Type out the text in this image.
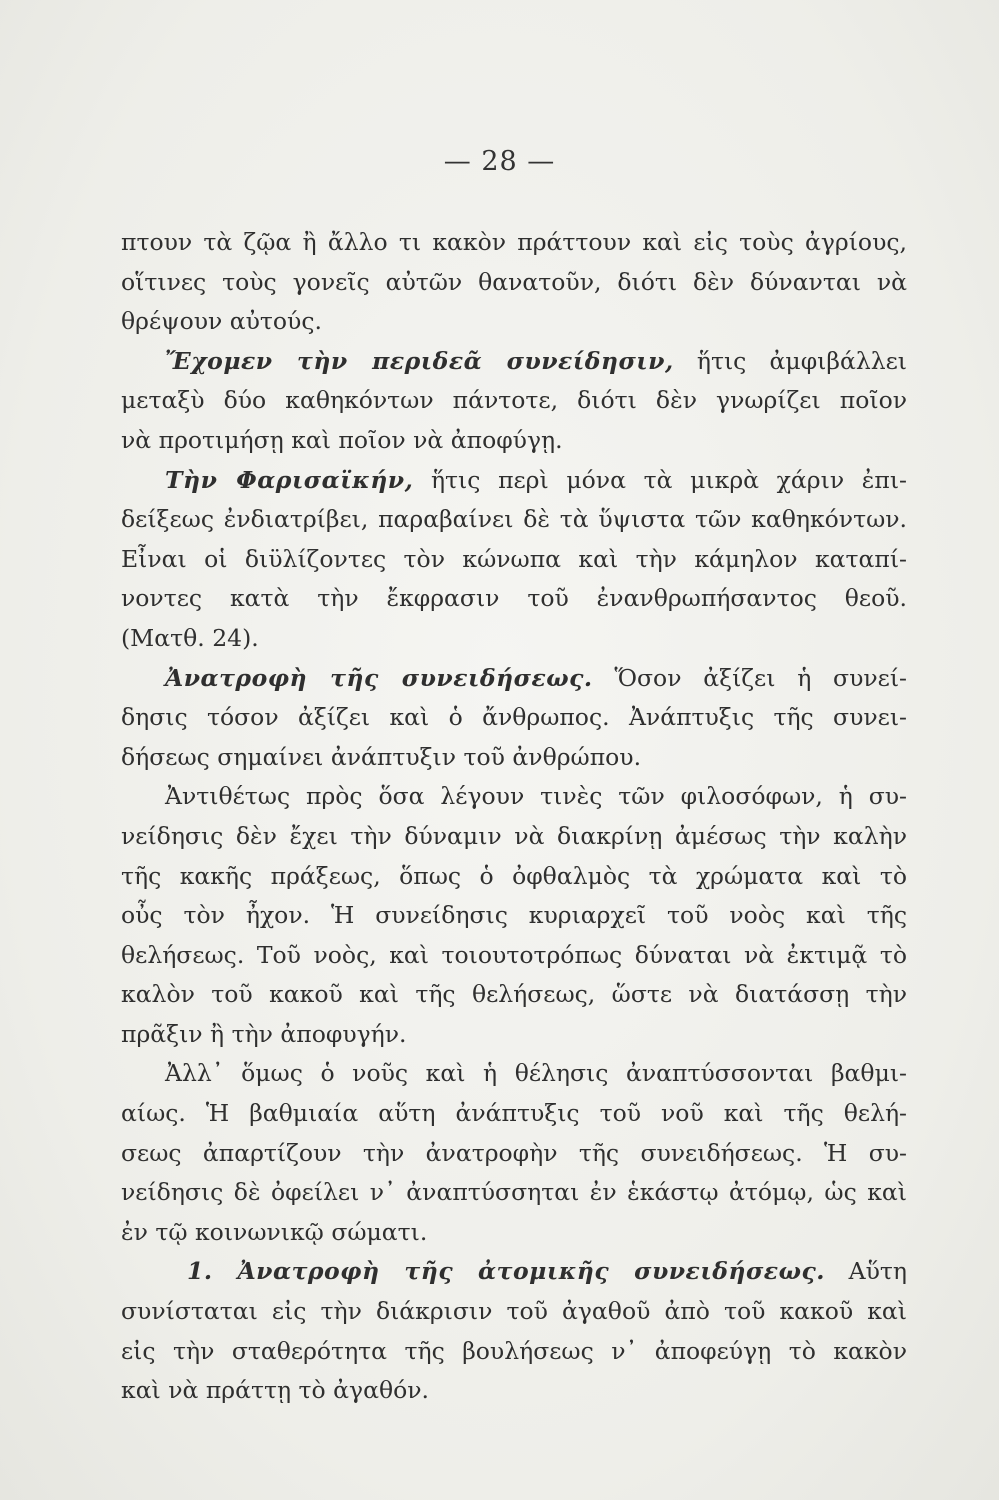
— 28 —
πτουν τὰ ζῷα ἢ ἄλλο τι κακὸν πράττουν καὶ εἰς τοὺς ἀγρίους,
οἵτινες τοὺς γονεῖς αὐτῶν θανατοῦν, διότι δὲν δύνανται νὰ
θρέψουν αὐτούς.
Ἔχομεν τὴν περιδεᾶ συνείδησιν, ἥτις ἀμφιβάλλει
μεταξὺ δύο καθηκόντων πάντοτε, διότι δὲν γνωρίζει ποῖον
νὰ προτιμήσῃ καὶ ποῖον νὰ ἀποφύγῃ.
Τὴν Φαρισαϊκήν, ἥτις περὶ μόνα τὰ μικρὰ χάριν ἐπι-
δείξεως ἐνδιατρίβει, παραβαίνει δὲ τὰ ὕψιστα τῶν καθηκόντων.
Εἶναι οἱ διϋλίζοντες τὸν κώνωπα καὶ τὴν κάμηλον καταπί-
νοντες κατὰ τὴν ἔκφρασιν τοῦ ἐνανθρωπήσαντος θεοῦ.
(Ματθ. 24).
Ἀνατροφὴ τῆς συνειδήσεως. Ὅσον ἀξίζει ἡ συνεί-
δησις τόσον ἀξίζει καὶ ὁ ἄνθρωπος. Ἀνάπτυξις τῆς συνει-
δήσεως σημαίνει ἀνάπτυξιν τοῦ ἀνθρώπου.
Ἀντιθέτως πρὸς ὅσα λέγουν τινὲς τῶν φιλοσόφων, ἡ συ-
νείδησις δὲν ἔχει τὴν δύναμιν νὰ διακρίνῃ ἀμέσως τὴν καλὴν
τῆς κακῆς πράξεως, ὅπως ὁ ὀφθαλμὸς τὰ χρώματα καὶ τὸ
οὖς τὸν ἦχον. Ἡ συνείδησις κυριαρχεῖ τοῦ νοὸς καὶ τῆς
θελήσεως. Τοῦ νοὸς, καὶ τοιουτοτρόπως δύναται νὰ ἐκτιμᾷ τὸ
καλὸν τοῦ κακοῦ καὶ τῆς θελήσεως, ὥστε νὰ διατάσσῃ τὴν
πρᾶξιν ἢ τὴν ἀποφυγήν.
Ἀλλ᾽ ὅμως ὁ νοῦς καὶ ἡ θέλησις ἀναπτύσσονται βαθμι-
αίως. Ἡ βαθμιαία αὕτη ἀνάπτυξις τοῦ νοῦ καὶ τῆς θελή-
σεως ἀπαρτίζουν τὴν ἀνατροφὴν τῆς συνειδήσεως. Ἡ συ-
νείδησις δὲ ὀφείλει ν᾽ ἀναπτύσσηται ἐν ἑκάστῳ ἀτόμῳ, ὡς καὶ
ἐν τῷ κοινωνικῷ σώματι.
1. Ἀνατροφὴ τῆς ἀτομικῆς συνειδήσεως. Αὕτη
συνίσταται εἰς τὴν διάκρισιν τοῦ ἀγαθοῦ ἀπὸ τοῦ κακοῦ καὶ
εἰς τὴν σταθερότητα τῆς βουλήσεως ν᾽ ἀποφεύγῃ τὸ κακὸν
καὶ νὰ πράττῃ τὸ ἀγαθόν.
